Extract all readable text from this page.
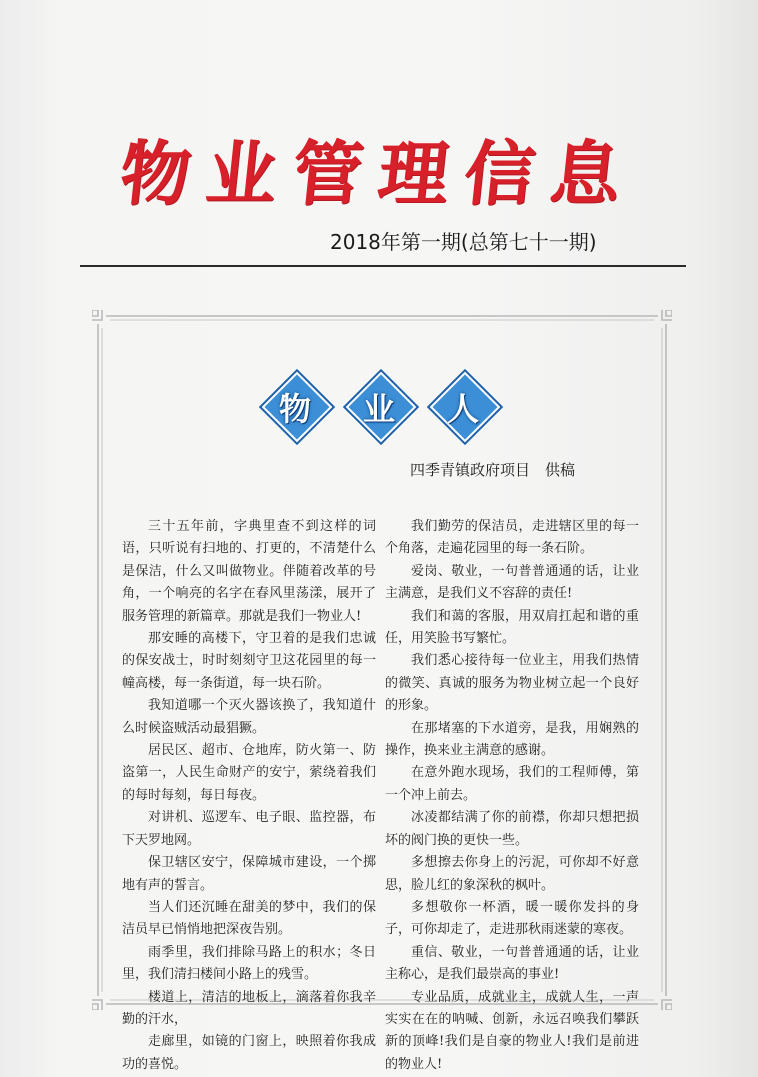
物业管理信息
2018年第一期(总第七十一期)
物	业	人
四季青镇政府项目　供稿

三十五年前，字典里查不到这样的词语，只听说有扫地的、打更的，不清楚什么是保洁，什么又叫做物业。伴随着改革的号角，一个响亮的名字在春风里荡漾，展开了服务管理的新篇章。那就是我们一物业人!

那安睡的高楼下，守卫着的是我们忠诚的保安战士，时时刻刻守卫这花园里的每一幢高楼，每一条街道，每一块石阶。

我知道哪一个灭火器该换了，我知道什么时候盗贼活动最猖獗。

居民区、超市、仓地库，防火第一、防盗第一，人民生命财产的安宁，萦绕着我们的每时每刻，每日每夜。

对讲机、巡逻车、电子眼、监控器，布下天罗地网。

保卫辖区安宁，保障城市建设，一个掷地有声的誓言。

当人们还沉睡在甜美的梦中，我们的保洁员早已悄悄地把深夜告别。

雨季里，我们排除马路上的积水；冬日里，我们清扫楼间小路上的残雪。

楼道上，清洁的地板上，滴落着你我辛勤的汗水，

走廊里，如镜的门窗上，映照着你我成功的喜悦。

我们勤劳的保洁员，走进辖区里的每一个角落，走遍花园里的每一条石阶。

爱岗、敬业，一句普普通通的话，让业主满意，是我们义不容辞的责任!

我们和蔼的客服，用双肩扛起和谐的重任，用笑脸书写繁忙。

我们悉心接待每一位业主，用我们热情的微笑、真诚的服务为物业树立起一个良好的形象。

在那堵塞的下水道旁，是我，用娴熟的操作，换来业主满意的感谢。

在意外跑水现场，我们的工程师傅，第一个冲上前去。

冰凌都结满了你的前襟，你却只想把损坏的阀门换的更快一些。

多想擦去你身上的污泥，可你却不好意思，脸儿红的象深秋的枫叶。

多想敬你一杯酒，暖一暖你发抖的身子，可你却走了，走进那秋雨迷蒙的寒夜。

重信、敬业，一句普普通通的话，让业主称心，是我们最崇高的事业!

专业品质，成就业主，成就人生，一声实实在在的呐喊、创新，永远召唤我们攀跃新的顶峰!我们是自豪的物业人!我们是前进的物业人!
